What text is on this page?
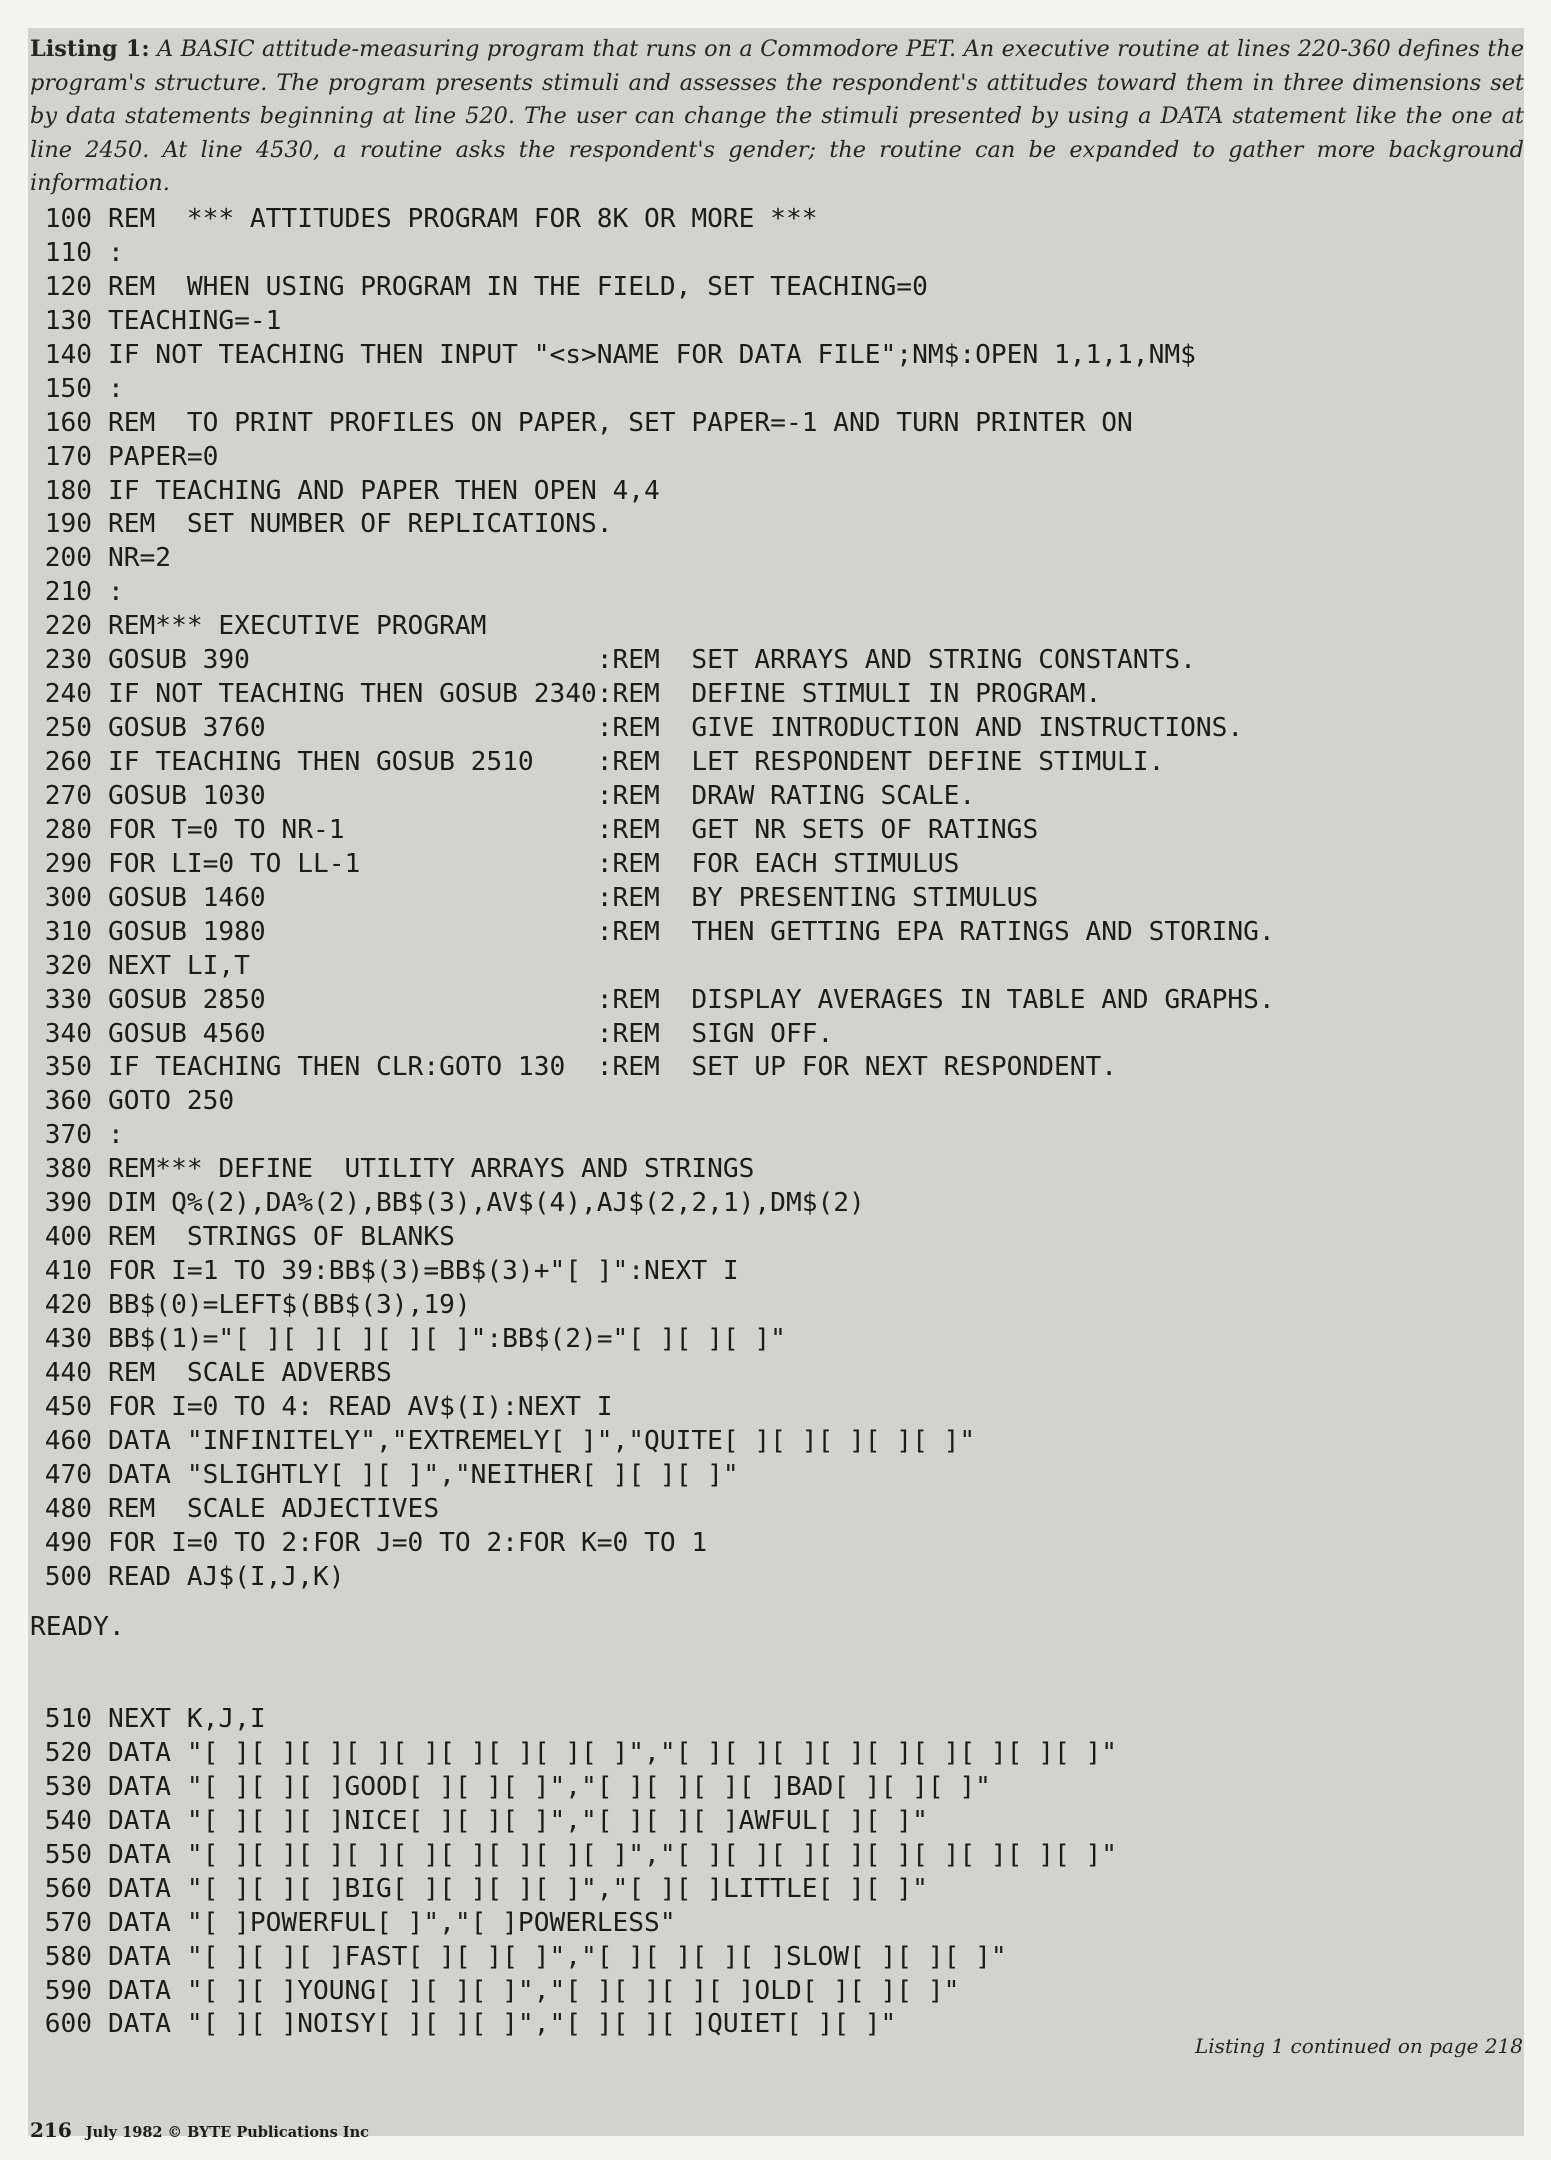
Listing 1: A BASIC attitude-measuring program that runs on a Commodore PET. An executive routine at lines 220-360 defines the program's structure. The program presents stimuli and assesses the respondent's attitudes toward them in three dimensions set by data statements beginning at line 520. The user can change the stimuli presented by using a DATA statement like the one at line 2450. At line 4530, a routine asks the respondent's gender; the routine can be expanded to gather more background information.
100 REM  *** ATTITUDES PROGRAM FOR 8K OR MORE ***
110 :
120 REM  WHEN USING PROGRAM IN THE FIELD, SET TEACHING=0
130 TEACHING=-1
140 IF NOT TEACHING THEN INPUT "<s>NAME FOR DATA FILE";NM$:OPEN 1,1,1,NM$
150 :
160 REM  TO PRINT PROFILES ON PAPER, SET PAPER=-1 AND TURN PRINTER ON
170 PAPER=0
180 IF TEACHING AND PAPER THEN OPEN 4,4
190 REM  SET NUMBER OF REPLICATIONS.
200 NR=2
210 :
220 REM*** EXECUTIVE PROGRAM
230 GOSUB 390                      :REM  SET ARRAYS AND STRING CONSTANTS.
240 IF NOT TEACHING THEN GOSUB 2340:REM  DEFINE STIMULI IN PROGRAM.
250 GOSUB 3760                     :REM  GIVE INTRODUCTION AND INSTRUCTIONS.
260 IF TEACHING THEN GOSUB 2510    :REM  LET RESPONDENT DEFINE STIMULI.
270 GOSUB 1030                     :REM  DRAW RATING SCALE.
280 FOR T=0 TO NR-1                :REM  GET NR SETS OF RATINGS
290 FOR LI=0 TO LL-1               :REM  FOR EACH STIMULUS
300 GOSUB 1460                     :REM  BY PRESENTING STIMULUS
310 GOSUB 1980                     :REM  THEN GETTING EPA RATINGS AND STORING.
320 NEXT LI,T
330 GOSUB 2850                     :REM  DISPLAY AVERAGES IN TABLE AND GRAPHS.
340 GOSUB 4560                     :REM  SIGN OFF.
350 IF TEACHING THEN CLR:GOTO 130  :REM  SET UP FOR NEXT RESPONDENT.
360 GOTO 250
370 :
380 REM*** DEFINE  UTILITY ARRAYS AND STRINGS
390 DIM Q%(2),DA%(2),BB$(3),AV$(4),AJ$(2,2,1),DM$(2)
400 REM  STRINGS OF BLANKS
410 FOR I=1 TO 39:BB$(3)=BB$(3)+"[ ]":NEXT I
420 BB$(0)=LEFT$(BB$(3),19)
430 BB$(1)="[ ][ ][ ][ ][ ]":BB$(2)="[ ][ ][ ]"
440 REM  SCALE ADVERBS
450 FOR I=0 TO 4: READ AV$(I):NEXT I
460 DATA "INFINITELY","EXTREMELY[ ]","QUITE[ ][ ][ ][ ][ ]"
470 DATA "SLIGHTLY[ ][ ]","NEITHER[ ][ ][ ]"
480 REM  SCALE ADJECTIVES
490 FOR I=0 TO 2:FOR J=0 TO 2:FOR K=0 TO 1
500 READ AJ$(I,J,K)
READY.
510 NEXT K,J,I
520 DATA "[ ][ ][ ][ ][ ][ ][ ][ ][ ]","[ ][ ][ ][ ][ ][ ][ ][ ][ ]"
530 DATA "[ ][ ][ ]GOOD[ ][ ][ ]","[ ][ ][ ][ ]BAD[ ][ ][ ]"
540 DATA "[ ][ ][ ]NICE[ ][ ][ ]","[ ][ ][ ]AWFUL[ ][ ]"
550 DATA "[ ][ ][ ][ ][ ][ ][ ][ ][ ]","[ ][ ][ ][ ][ ][ ][ ][ ][ ]"
560 DATA "[ ][ ][ ]BIG[ ][ ][ ][ ]","[ ][ ]LITTLE[ ][ ]"
570 DATA "[ ]POWERFUL[ ]","[ ]POWERLESS"
580 DATA "[ ][ ][ ]FAST[ ][ ][ ]","[ ][ ][ ][ ]SLOW[ ][ ][ ]"
590 DATA "[ ][ ]YOUNG[ ][ ][ ]","[ ][ ][ ][ ]OLD[ ][ ][ ]"
600 DATA "[ ][ ]NOISY[ ][ ][ ]","[ ][ ][ ]QUIET[ ][ ]"
Listing 1 continued on page 218
216 July 1982 © BYTE Publications Inc
